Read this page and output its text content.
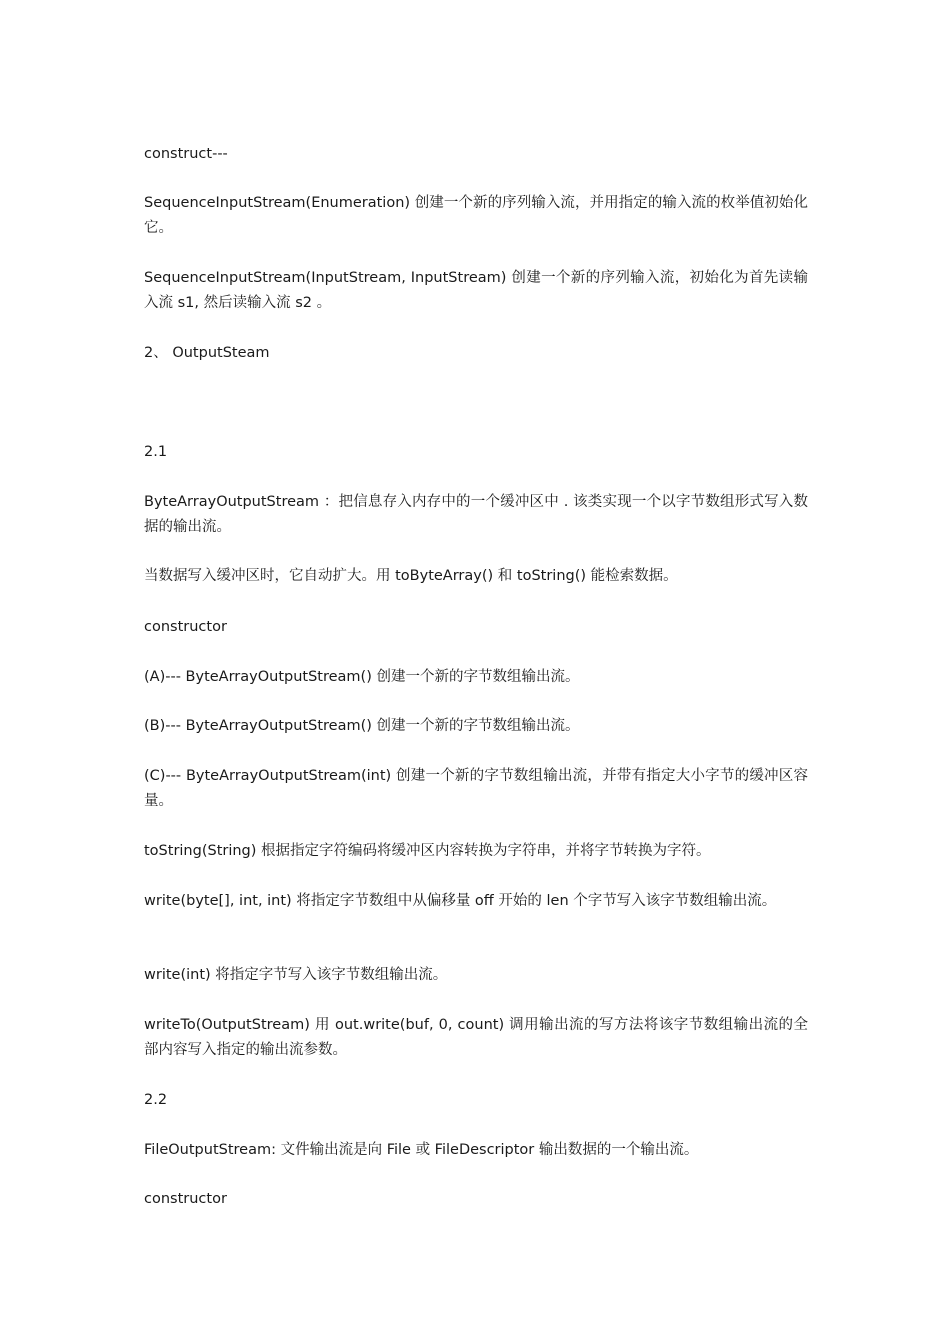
construct---

SequenceInputStream(Enumeration) 创建一个新的序列输入流，并用指定的输入流的枚举值初始化它。

SequenceInputStream(InputStream, InputStream) 创建一个新的序列输入流，初始化为首先读输入流 s1, 然后读输入流 s2 。

2、 OutputSteam

2.1

ByteArrayOutputStream ：把信息存入内存中的一个缓冲区中 . 该类实现一个以字节数组形式写入数据的输出流。

当数据写入缓冲区时，它自动扩大。用 toByteArray() 和 toString() 能检索数据。

constructor

(A)--- ByteArrayOutputStream() 创建一个新的字节数组输出流。

(B)--- ByteArrayOutputStream() 创建一个新的字节数组输出流。

(C)--- ByteArrayOutputStream(int) 创建一个新的字节数组输出流，并带有指定大小字节的缓冲区容量。

toString(String) 根据指定字符编码将缓冲区内容转换为字符串，并将字节转换为字符。

write(byte[], int, int) 将指定字节数组中从偏移量 off 开始的 len 个字节写入该字节数组输出流。

write(int) 将指定字节写入该字节数组输出流。

writeTo(OutputStream) 用 out.write(buf, 0, count) 调用输出流的写方法将该字节数组输出流的全部内容写入指定的输出流参数。

2.2

FileOutputStream: 文件输出流是向 File 或 FileDescriptor 输出数据的一个输出流。

constructor
